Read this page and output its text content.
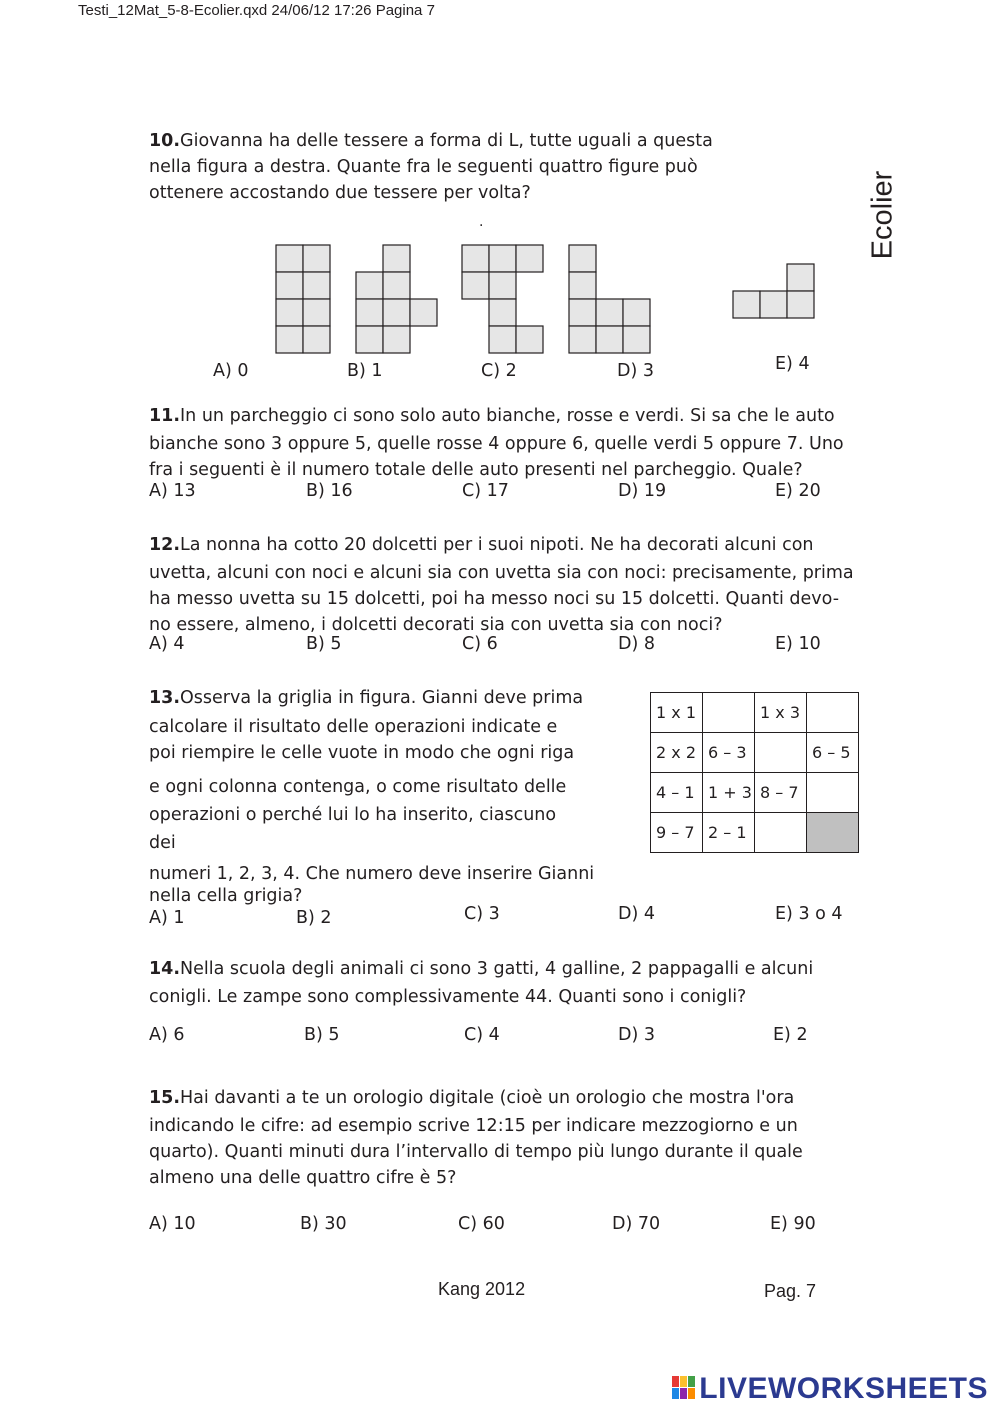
Testi_12Mat_5-8-Ecolier.qxd 24/06/12 17:26 Pagina 7
Ecolier
10.Giovanna ha delle tessere a forma di L, tutte uguali a questa
nella figura a destra. Quante fra le seguenti quattro figure può
ottenere accostando due tessere per volta?
.
A) 0	B) 1	C) 2	D) 3	E) 4
11.In un parcheggio ci sono solo auto bianche, rosse e verdi. Si sa che le auto
bianche sono 3 oppure 5, quelle rosse 4 oppure 6, quelle verdi 5 oppure 7. Uno
fra i seguenti è il numero totale delle auto presenti nel parcheggio. Quale?
A) 13	B) 16	C) 17	D) 19	E) 20
12.La nonna ha cotto 20 dolcetti per i suoi nipoti. Ne ha decorati alcuni con
uvetta, alcuni con noci e alcuni sia con uvetta sia con noci: precisamente, prima
ha messo uvetta su 15 dolcetti, poi ha messo noci su 15 dolcetti. Quanti devo-
no essere, almeno, i dolcetti decorati sia con uvetta sia con noci?
A) 4	B) 5	C) 6	D) 8	E) 10
13.Osserva la griglia in figura. Gianni deve prima
calcolare il risultato delle operazioni indicate e
poi riempire le celle vuote in modo che ogni riga
e ogni colonna contenga, o come risultato delle
operazioni o perché lui lo ha inserito, ciascuno
dei
numeri 1, 2, 3, 4. Che numero deve inserire Gianni
nella cella grigia?
1 x 1		1 x 3	
2 x 2	6 – 3		6 – 5
4 – 1	1 + 3	8 – 7	
9 – 7	2 – 1		
A) 1	B) 2	C) 3	D) 4	E) 3 o 4
14.Nella scuola degli animali ci sono 3 gatti, 4 galline, 2 pappagalli e alcuni
conigli. Le zampe sono complessivamente 44. Quanti sono i conigli?
A) 6	B) 5	C) 4	D) 3	E) 2
15.Hai davanti a te un orologio digitale (cioè un orologio che mostra l'ora
indicando le cifre: ad esempio scrive 12:15 per indicare mezzogiorno e un
quarto). Quanti minuti dura l’intervallo di tempo più lungo durante il quale
almeno una delle quattro cifre è 5?
A) 10	B) 30	C) 60	D) 70	E) 90
Kang 2012	Pag. 7
LIVEWORKSHEETS
